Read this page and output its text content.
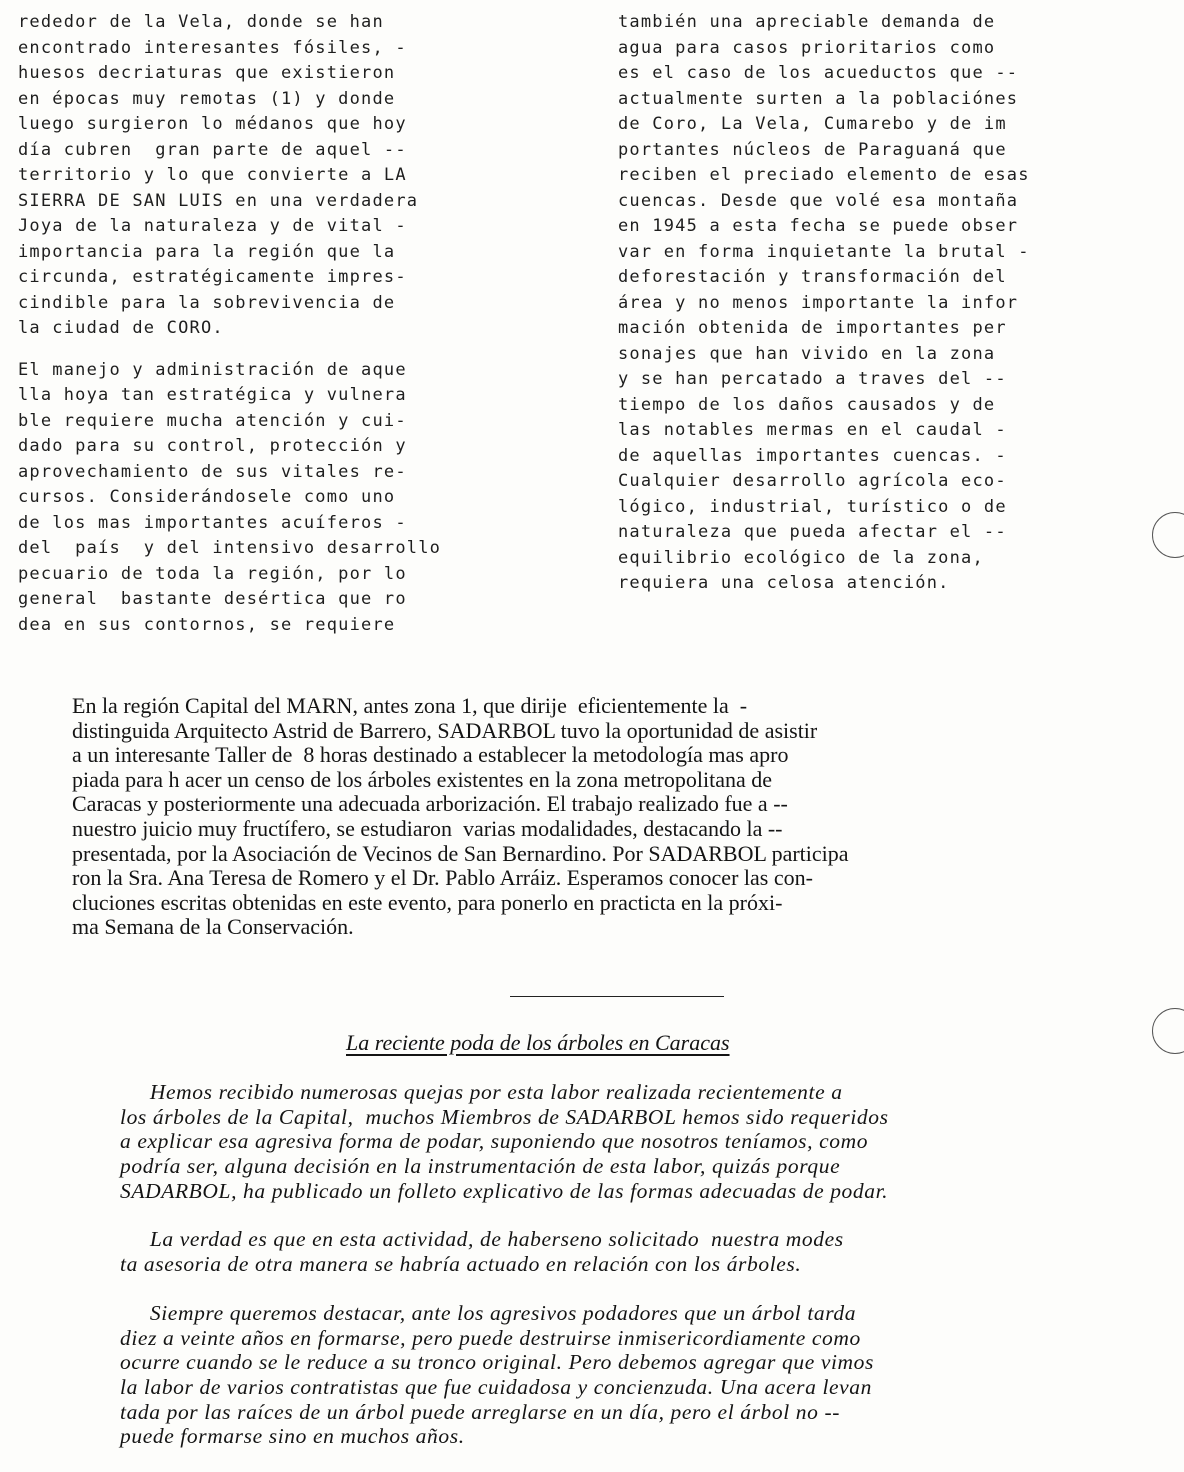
rededor de la Vela, donde se han
encontrado interesantes fósiles, -
huesos decriaturas que existieron
en épocas muy remotas (1) y donde
luego surgieron lo médanos que hoy
día cubren  gran parte de aquel --
territorio y lo que convierte a LA
SIERRA DE SAN LUIS en una verdadera
Joya de la naturaleza y de vital -
importancia para la región que la
circunda, estratégicamente impres-
cindible para la sobrevivencia de
la ciudad de CORO.
El manejo y administración de aque
lla hoya tan estratégica y vulnera
ble requiere mucha atención y cui-
dado para su control, protección y
aprovechamiento de sus vitales re-
cursos. Considerándosele como uno
de los mas importantes acuíferos -
del  país  y del intensivo desarrollo
pecuario de toda la región, por lo
general  bastante desértica que ro
dea en sus contornos, se requiere
también una apreciable demanda de
agua para casos prioritarios como
es el caso de los acueductos que --
actualmente surten a la poblaciónes
de Coro, La Vela, Cumarebo y de im
portantes núcleos de Paraguaná que
reciben el preciado elemento de esas
cuencas. Desde que volé esa montaña
en 1945 a esta fecha se puede obser
var en forma inquietante la brutal -
deforestación y transformación del
área y no menos importante la infor
mación obtenida de importantes per
sonajes que han vivido en la zona
y se han percatado a traves del --
tiempo de los daños causados y de
las notables mermas en el caudal -
de aquellas importantes cuencas. -
Cualquier desarrollo agrícola eco-
lógico, industrial, turístico o de
naturaleza que pueda afectar el --
equilibrio ecológico de la zona,
requiera una celosa atención.
En la región Capital del MARN, antes zona 1, que dirije  eficientemente la  -
distinguida Arquitecto Astrid de Barrero, SADARBOL tuvo la oportunidad de asistir
a un interesante Taller de  8 horas destinado a establecer la metodología mas apro
piada para h acer un censo de los árboles existentes en la zona metropolitana de
Caracas y posteriormente una adecuada arborización. El trabajo realizado fue a --
nuestro juicio muy fructífero, se estudiaron  varias modalidades, destacando la --
presentada, por la Asociación de Vecinos de San Bernardino. Por SADARBOL participa
ron la Sra. Ana Teresa de Romero y el Dr. Pablo Arráiz. Esperamos conocer las con-
cluciones escritas obtenidas en este evento, para ponerlo en practicta en la próxi-
ma Semana de la Conservación.
La reciente poda de los árboles en Caracas
Hemos recibido numerosas quejas por esta labor realizada recientemente a
los árboles de la Capital,  muchos Miembros de SADARBOL hemos sido requeridos
a explicar esa agresiva forma de podar, suponiendo que nosotros teníamos, como
podría ser, alguna decisión en la instrumentación de esta labor, quizás porque
SADARBOL, ha publicado un folleto explicativo de las formas adecuadas de podar.
La verdad es que en esta actividad, de haberseno solicitado  nuestra modes
ta asesoria de otra manera se habría actuado en relación con los árboles.
Siempre queremos destacar, ante los agresivos podadores que un árbol tarda
diez a veinte años en formarse, pero puede destruirse inmisericordiamente como
ocurre cuando se le reduce a su tronco original. Pero debemos agregar que vimos
la labor de varios contratistas que fue cuidadosa y concienzuda. Una acera levan
tada por las raíces de un árbol puede arreglarse en un día, pero el árbol no --
puede formarse sino en muchos años.
